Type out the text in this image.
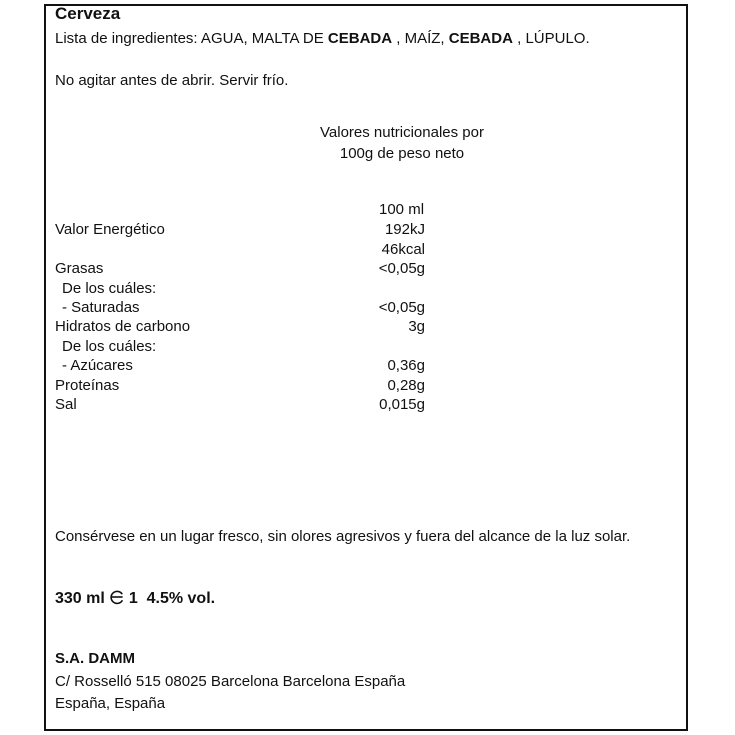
Cerveza
Lista de ingredientes: AGUA, MALTA DE CEBADA , MAÍZ, CEBADA , LÚPULO.
No agitar antes de abrir. Servir frío.
Valores nutricionales por 100g de peso neto
100 ml
Valor Energético	192kJ
46kcal
Grasas	<0,05g
De los cuáles:
- Saturadas	<0,05g
Hidratos de carbono	3g
De los cuáles:
- Azúcares	0,36g
Proteínas	0,28g
Sal	0,015g
Consérvese en un lugar fresco, sin olores agresivos y fuera del alcance de la luz solar.
330 ml 1 4.5% vol.
S.A. DAMM
C/ Rosselló 515 08025 Barcelona Barcelona España
España, España
